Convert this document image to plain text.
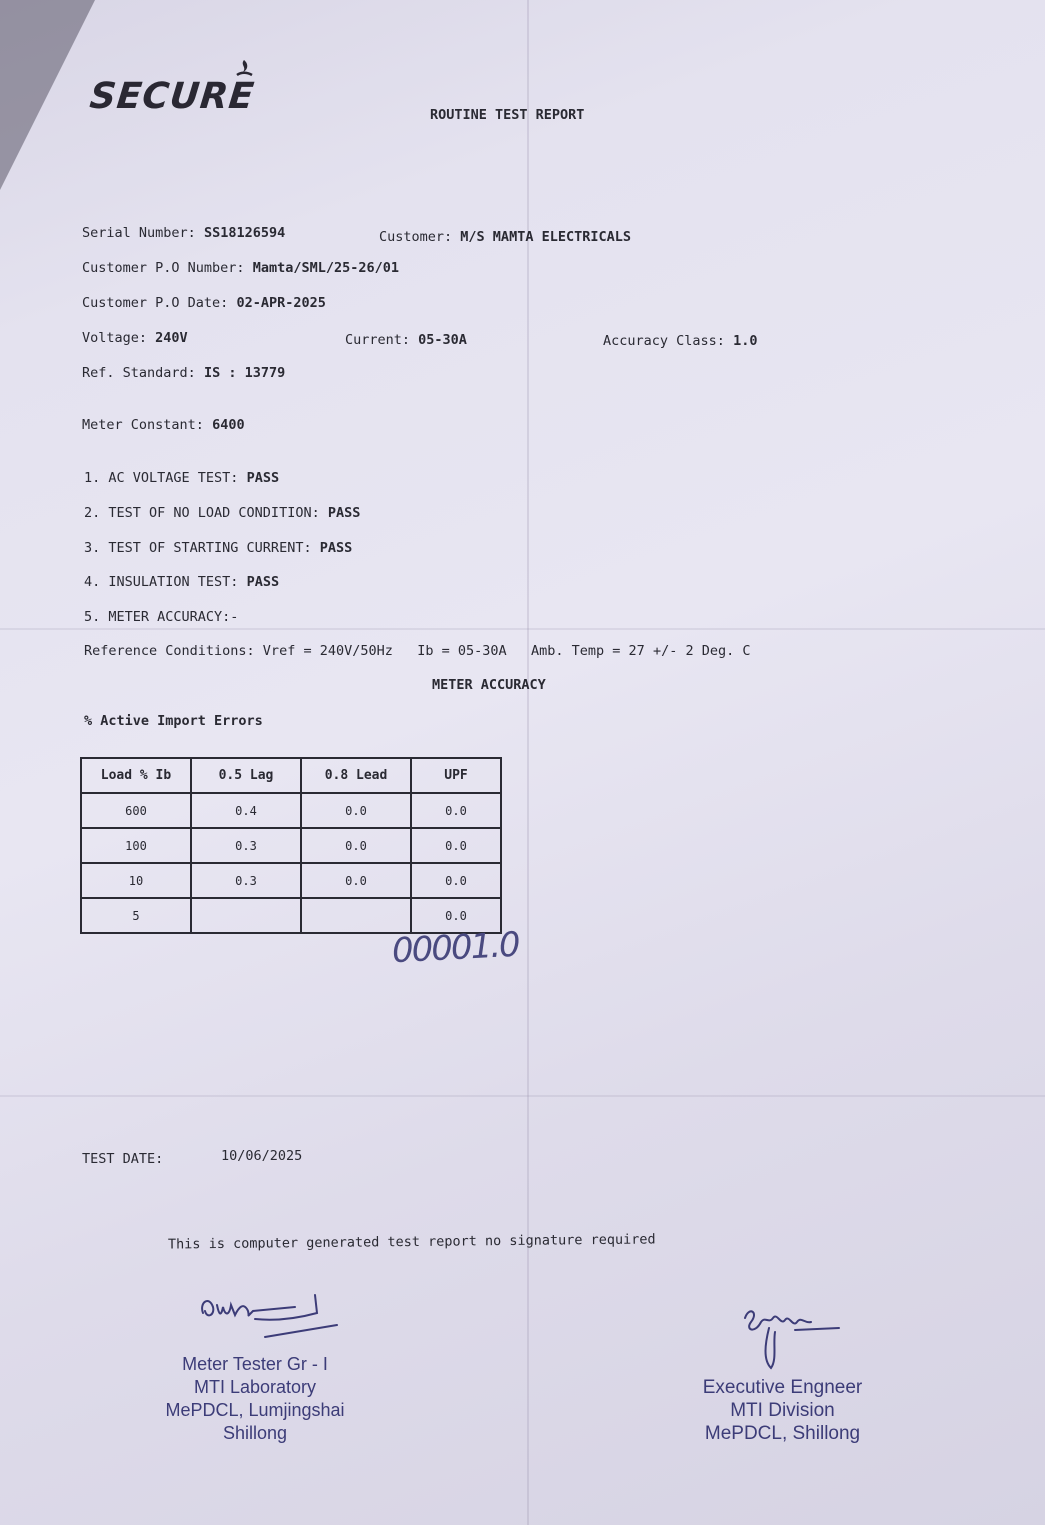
SECURE	ROUTINE TEST REPORT
Serial Number: SS18126594	Customer: M/S MAMTA ELECTRICALS
Customer P.O Number: Mamta/SML/25-26/01
Customer P.O Date: 02-APR-2025
Voltage: 240V	Current: 05-30A	Accuracy Class: 1.0
Ref. Standard: IS : 13779
Meter Constant: 6400
1. AC VOLTAGE TEST: PASS
2. TEST OF NO LOAD CONDITION: PASS
3. TEST OF STARTING CURRENT: PASS
4. INSULATION TEST: PASS
5. METER ACCURACY:-
Reference Conditions: Vref = 240V/50Hz   Ib = 05-30A   Amb. Temp = 27 +/- 2 Deg. C
METER ACCURACY
% Active Import Errors
Load % Ib	0.5 Lag	0.8 Lead	UPF
600	0.4	0.0	0.0
100	0.3	0.0	0.0
10	0.3	0.0	0.0
5			0.0
00001.0
TEST DATE:	10/06/2025
This is computer generated test report no signature required
Meter Tester Gr - I
MTI Laboratory
MePDCL, Lumjingshai
Shillong
Executive Engneer
MTI Division
MePDCL, Shillong
